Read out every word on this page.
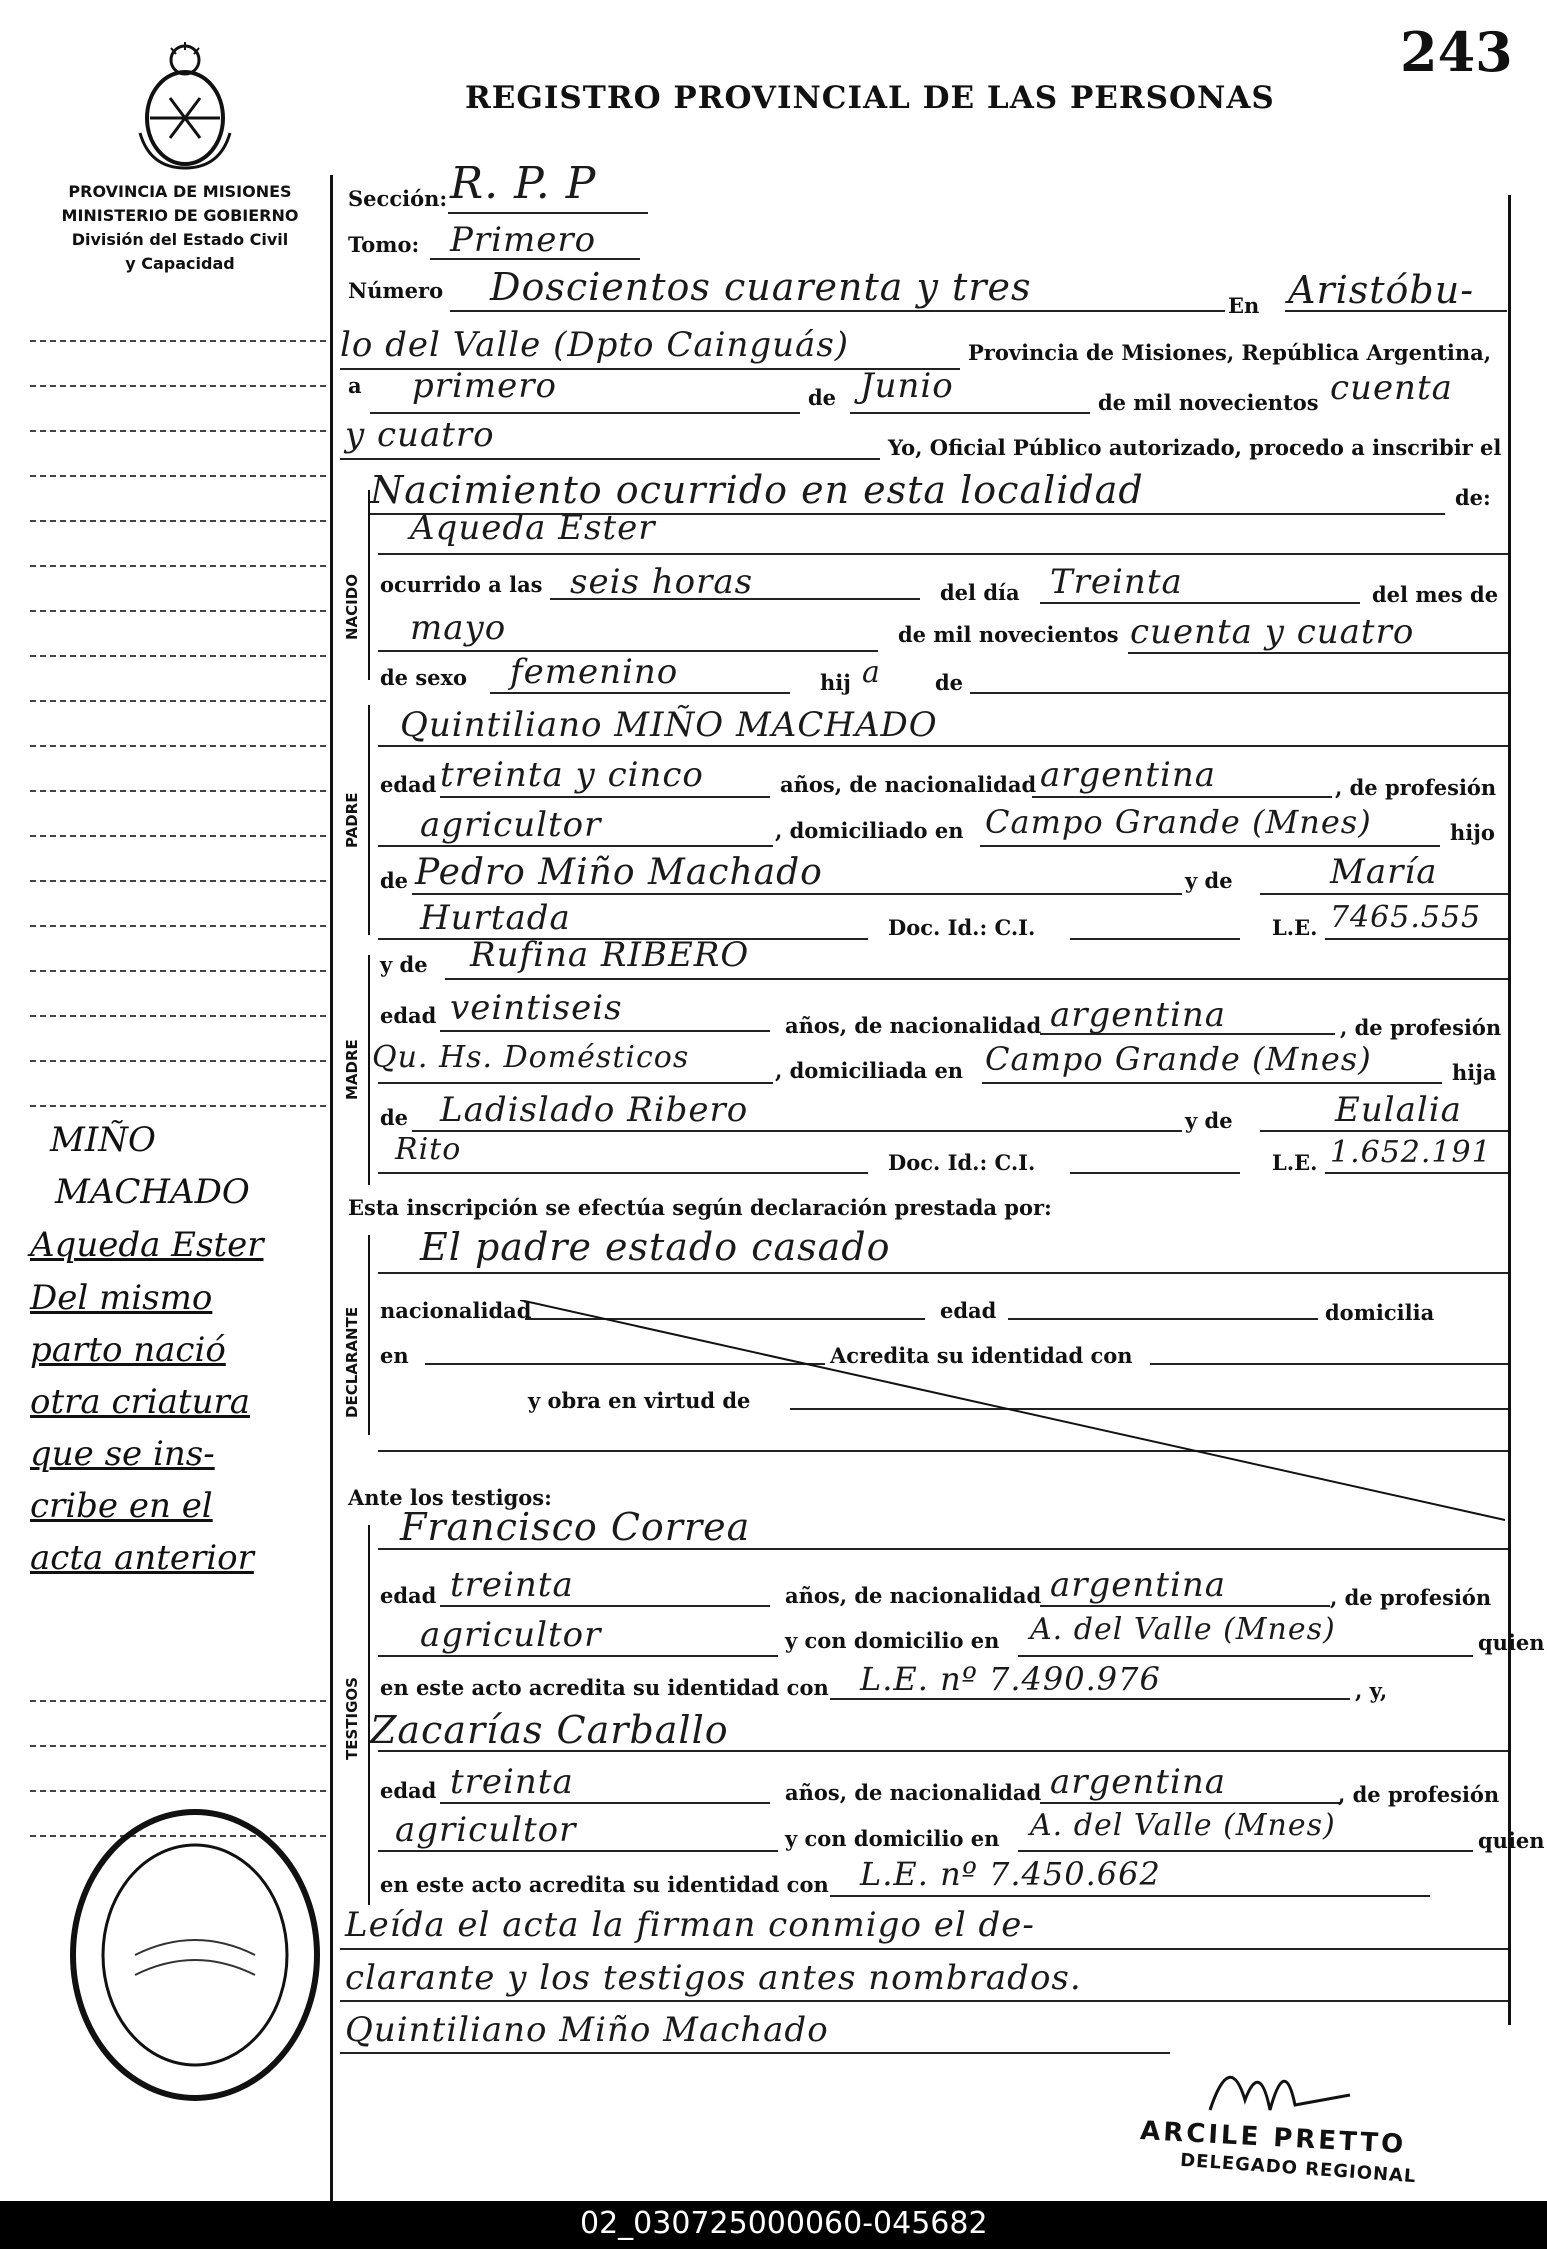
243
REGISTRO PROVINCIAL DE LAS PERSONAS
PROVINCIA DE MISIONES
MINISTERIO DE GOBIERNO
División del Estado Civil
y Capacidad
MIÑO
MACHADO
Aqueda Ester
Del mismo
parto nació
otra criatura
que se ins-
cribe en el
acta anterior
NACIDO
PADRE
MADRE
DECLARANTE
TESTIGOS
Sección: R. P. P
Tomo: Primero
Número Doscientos cuarenta y tres	En Aristóbu-
lo del Valle (Dpto Cainguás)	Provincia de Misiones, República Argentina,
a primero	de Junio	de mil novecientos cuenta
y cuatro	Yo, Oficial Público autorizado, procedo a inscribir el
Nacimiento ocurrido en esta localidad	de:
Aqueda Ester
ocurrido a las seis horas	del día Treinta	del mes de
mayo	de mil novecientos cuenta y cuatro
de sexo femenino	hij a	de
Quintiliano MIÑO MACHADO
edad treinta y cinco	años, de nacionalidad argentina	, de profesión
agricultor	, domiciliado en Campo Grande (Mnes)	hijo
de Pedro Miño Machado	y de	María
Hurtada	Doc. Id.: C.I.	L.E. 7465.555
y de Rufina RIBERO
edad veintiseis	años, de nacionalidad argentina	, de profesión
Qu. Hs. Domésticos	, domiciliada en Campo Grande (Mnes)	hija
de Ladislado Ribero	y de	Eulalia
Rito	Doc. Id.: C.I.	L.E. 1.652.191
Esta inscripción se efectúa según declaración prestada por:
El padre estado casado
nacionalidad	edad	domicilia
en	Acredita su identidad con
y obra en virtud de
Ante los testigos:
Francisco Correa
edad treinta	años, de nacionalidad argentina	, de profesión
agricultor	y con domicilio en A. del Valle (Mnes)	quien
en este acto acredita su identidad con L.E. nº 7.490.976	, y,
Zacarías Carballo
edad treinta	años, de nacionalidad argentina	, de profesión
agricultor	y con domicilio en A. del Valle (Mnes)	quien
en este acto acredita su identidad con L.E. nº 7.450.662
Leída el acta la firman conmigo el de-
clarante y los testigos antes nombrados.
Quintiliano Miño Machado
ARCILE PRETTO
DELEGADO REGIONAL
02_030725000060-045682
